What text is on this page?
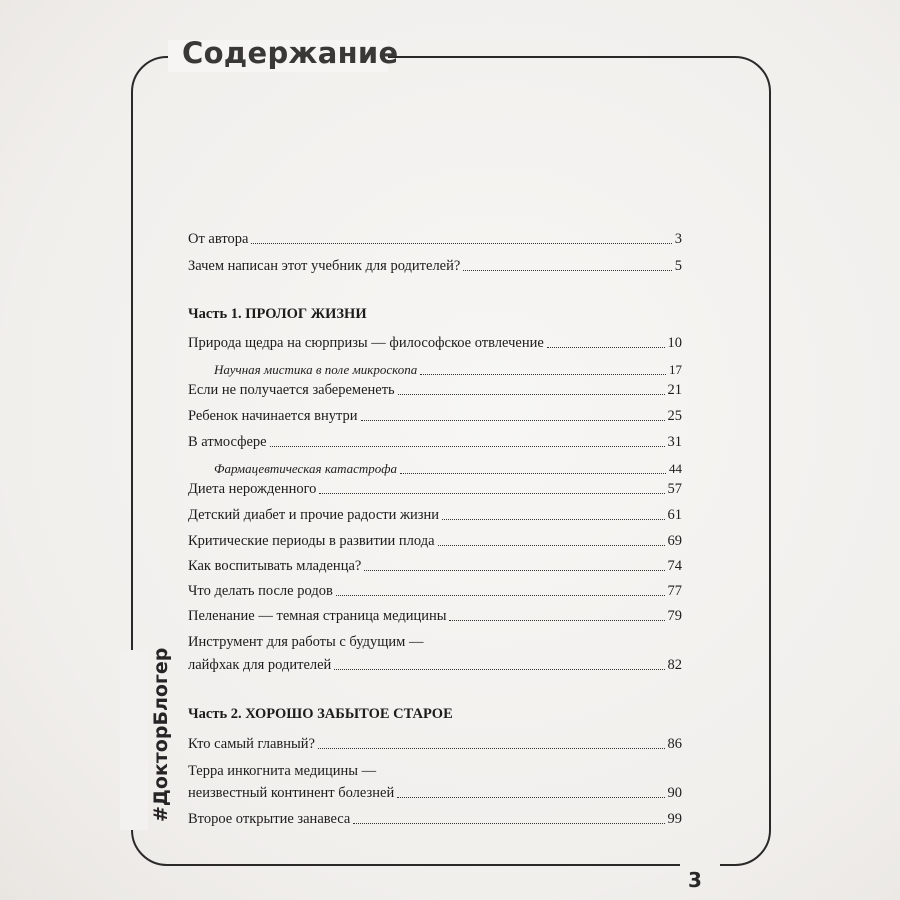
Содержание
#ДокторБлогер
3
От автора	3
Зачем написан этот учебник для родителей?	5
Часть 1. ПРОЛОГ ЖИЗНИ
Природа щедра на сюрпризы — философское отвлечение	10
Научная мистика в поле микроскопа	17
Если не получается забеременеть	21
Ребенок начинается внутри	25
В атмосфере	31
Фармацевтическая катастрофа	44
Диета нерожденного	57
Детский диабет и прочие радости жизни	61
Критические периоды в развитии плода	69
Как воспитывать младенца?	74
Что делать после родов	77
Пеленание — темная страница медицины	79
Инструмент для работы с будущим —
лайфхак для родителей	82
Часть 2. ХОРОШО ЗАБЫТОЕ СТАРОЕ
Кто самый главный?	86
Терра инкогнита медицины —
неизвестный континент болезней	90
Второе открытие занавеса	99
